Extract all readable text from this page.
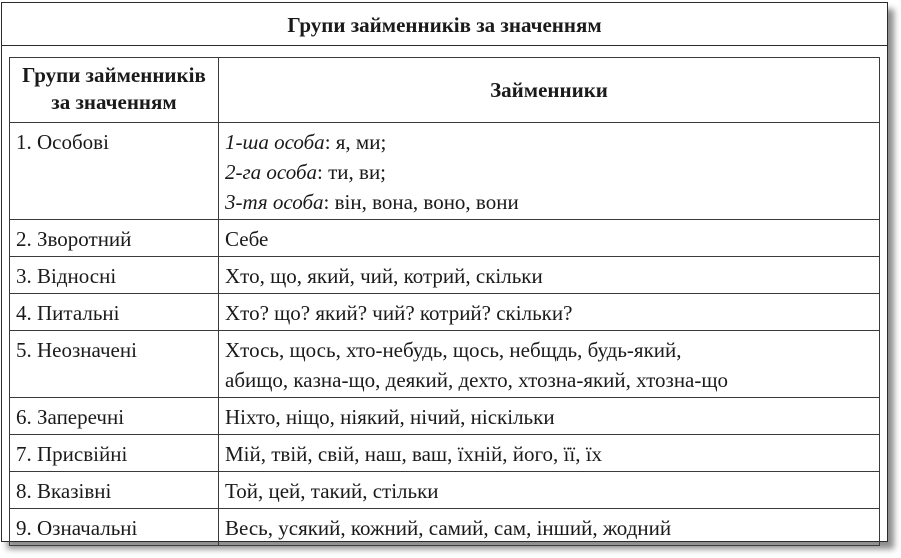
Групи займенників за значенням
Групи займенників
за значенням	Займенники
1. Особові	1-ша особа: я, ми;
2-га особа: ти, ви;
3-тя особа: він, вона, воно, вони

2. Зворотний	Себе
3. Відносні	Хто, що, який, чий, котрий, скільки
4. Питальні	Хто? що? який? чий? котрий? скільки?
5. Неозначені	Хтось, щось, хто-небудь, щось, небщдь, будь-який,
абищо, казна-що, деякий, дехто, хтозна-який, хтозна-що

6. Заперечні	Ніхто, ніщо, ніякий, нічий, ніскільки
7. Присвійні	Мій, твій, свій, наш, ваш, їхній, його, її, їх
8. Вказівні	Той, цей, такий, стільки
9. Означальні	Весь, усякий, кожний, самий, сам, інший, жодний
